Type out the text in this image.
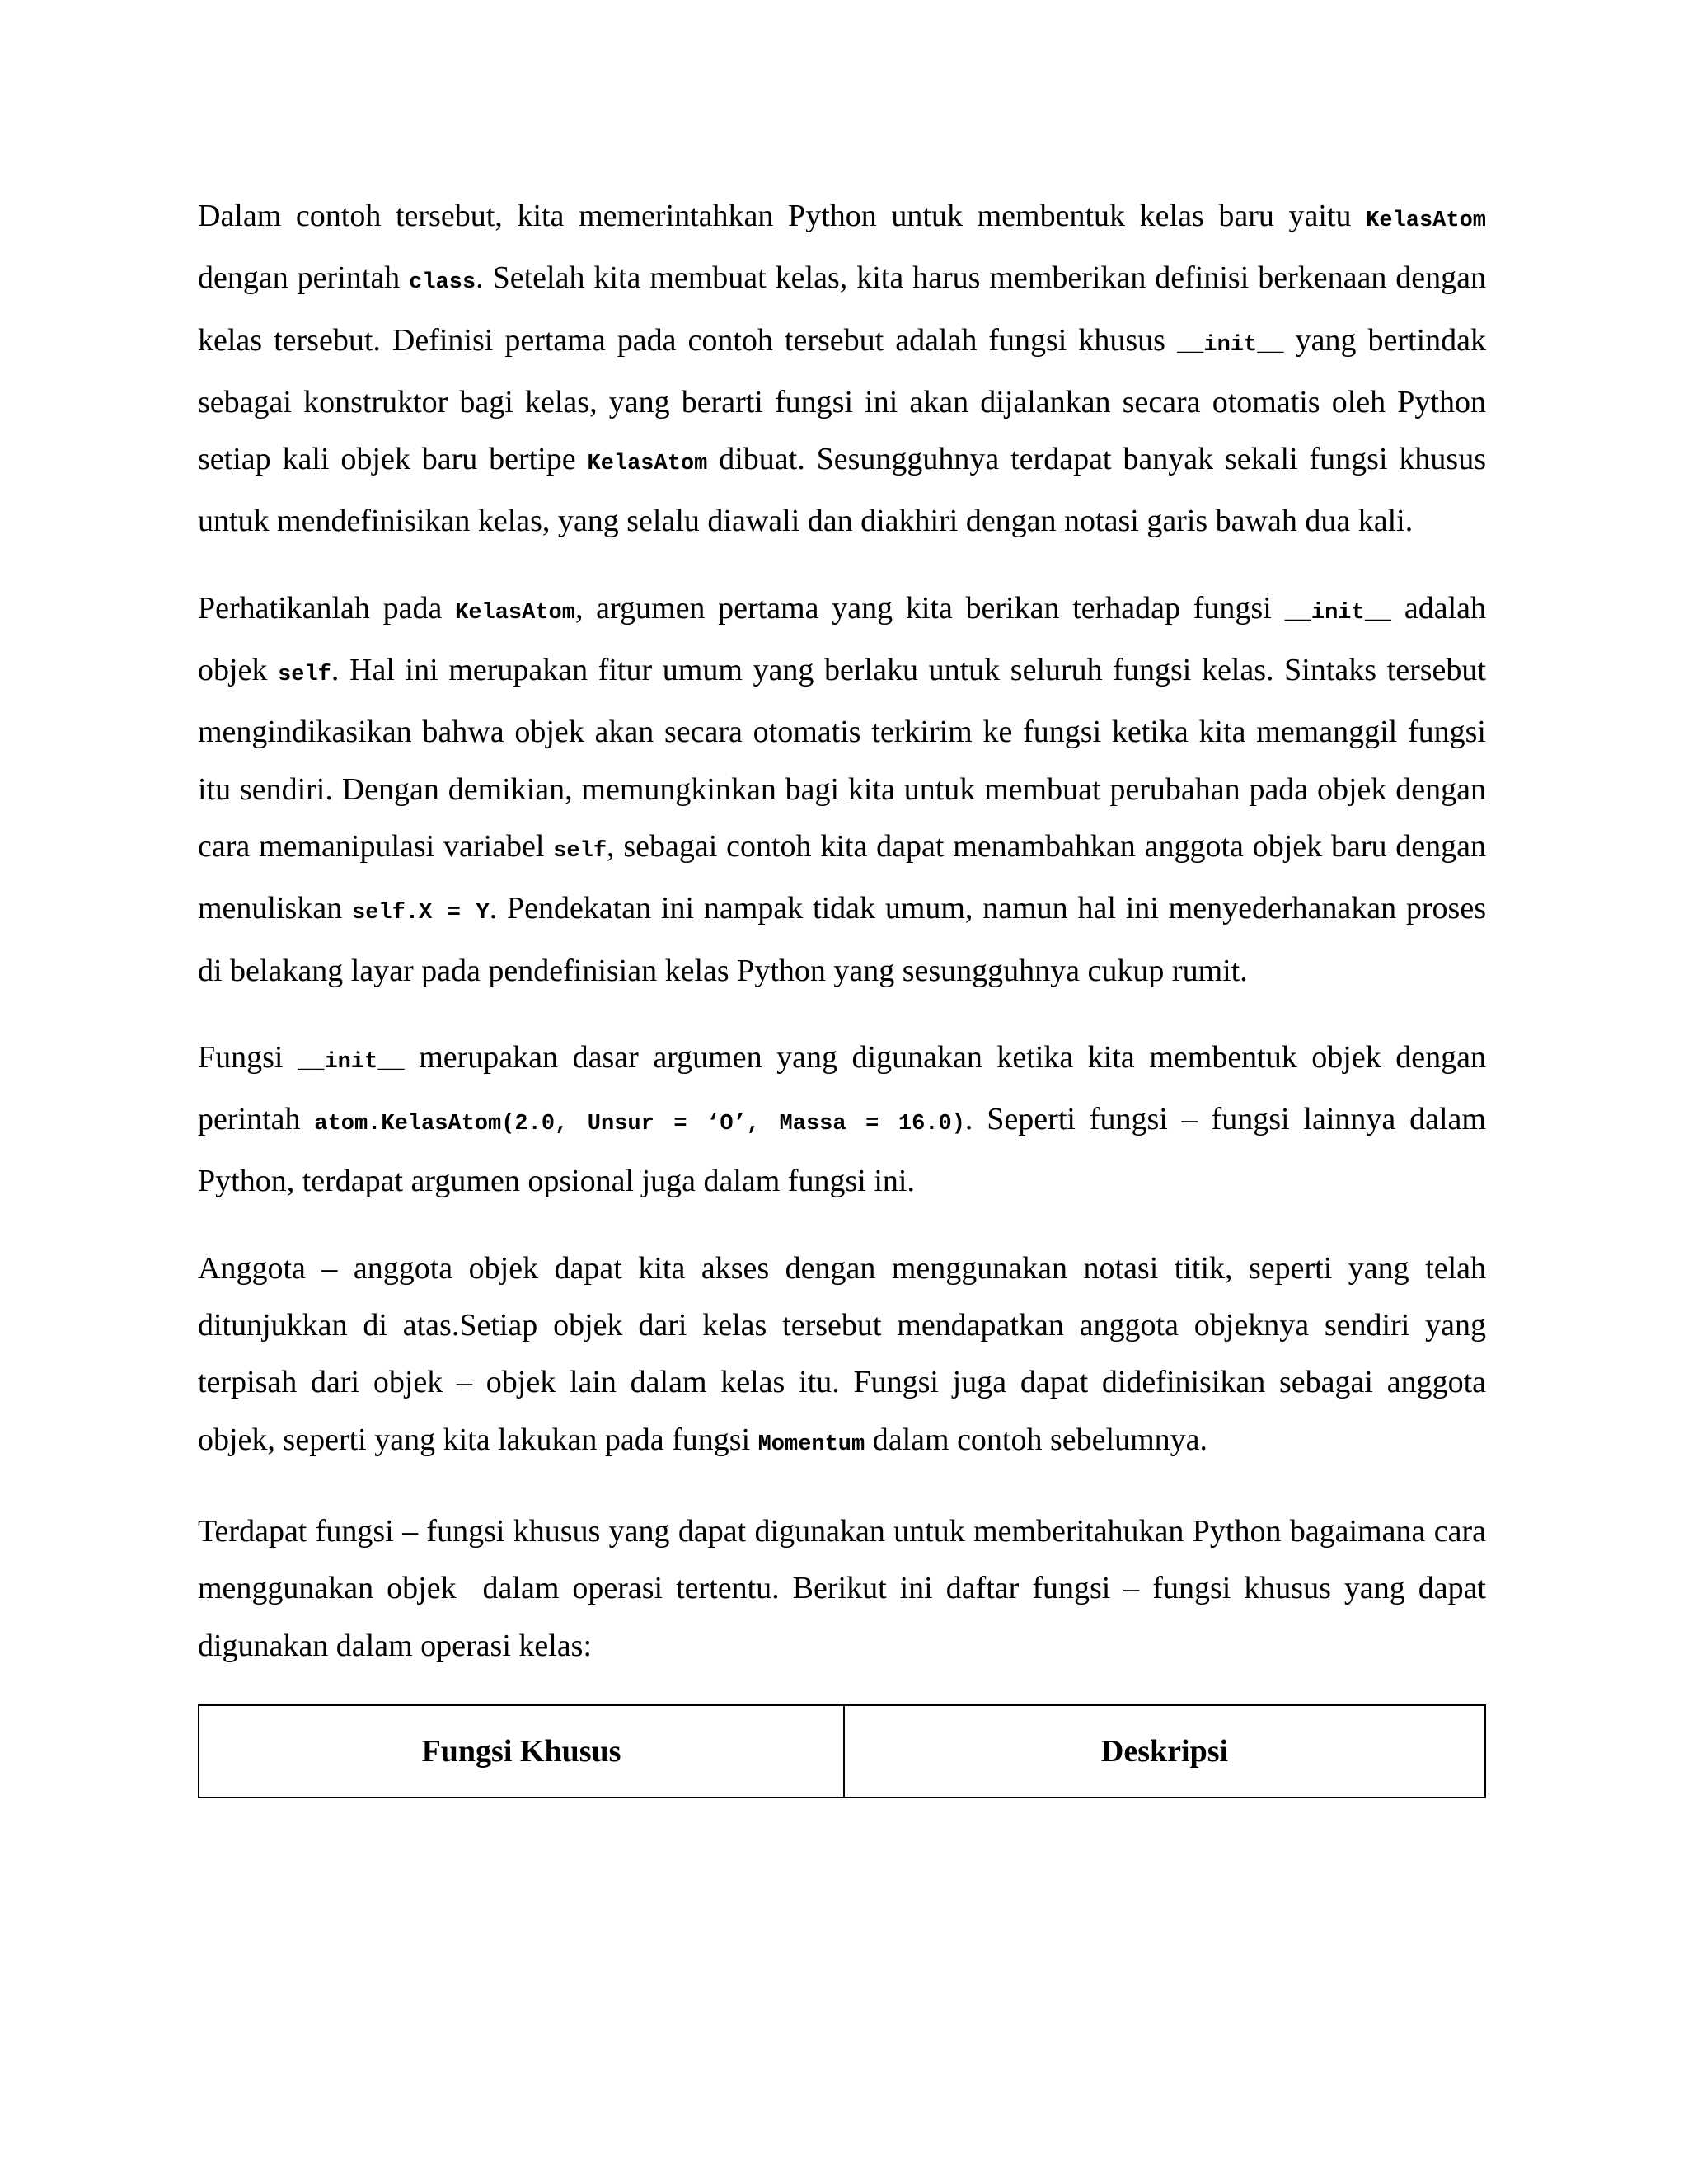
Dalam contoh tersebut, kita memerintahkan Python untuk membentuk kelas baru yaitu KelasAtom dengan perintah class. Setelah kita membuat kelas, kita harus memberikan definisi berkenaan dengan kelas tersebut. Definisi pertama pada contoh tersebut adalah fungsi khusus __init__ yang bertindak sebagai konstruktor bagi kelas, yang berarti fungsi ini akan dijalankan secara otomatis oleh Python setiap kali objek baru bertipe KelasAtom dibuat. Sesungguhnya terdapat banyak sekali fungsi khusus untuk mendefinisikan kelas, yang selalu diawali dan diakhiri dengan notasi garis bawah dua kali.

Perhatikanlah pada KelasAtom, argumen pertama yang kita berikan terhadap fungsi __init__ adalah objek self. Hal ini merupakan fitur umum yang berlaku untuk seluruh fungsi kelas. Sintaks tersebut mengindikasikan bahwa objek akan secara otomatis terkirim ke fungsi ketika kita memanggil fungsi itu sendiri. Dengan demikian, memungkinkan bagi kita untuk membuat perubahan pada objek dengan cara memanipulasi variabel self, sebagai contoh kita dapat menambahkan anggota objek baru dengan menuliskan self.X = Y. Pendekatan ini nampak tidak umum, namun hal ini menyederhanakan proses di belakang layar pada pendefinisian kelas Python yang sesungguhnya cukup rumit.

Fungsi __init__ merupakan dasar argumen yang digunakan ketika kita membentuk objek dengan perintah atom.KelasAtom(2.0, Unsur = ‘O’, Massa = 16.0). Seperti fungsi – fungsi lainnya dalam Python, terdapat argumen opsional juga dalam fungsi ini.

Anggota – anggota objek dapat kita akses dengan menggunakan notasi titik, seperti yang telah ditunjukkan di atas.Setiap objek dari kelas tersebut mendapatkan anggota objeknya sendiri yang terpisah dari objek – objek lain dalam kelas itu. Fungsi juga dapat didefinisikan sebagai anggota objek, seperti yang kita lakukan pada fungsi Momentum dalam contoh sebelumnya.

Terdapat fungsi – fungsi khusus yang dapat digunakan untuk memberitahukan Python bagaimana cara menggunakan objek  dalam operasi tertentu. Berikut ini daftar fungsi – fungsi khusus yang dapat digunakan dalam operasi kelas:

Fungsi Khusus	Deskripsi
